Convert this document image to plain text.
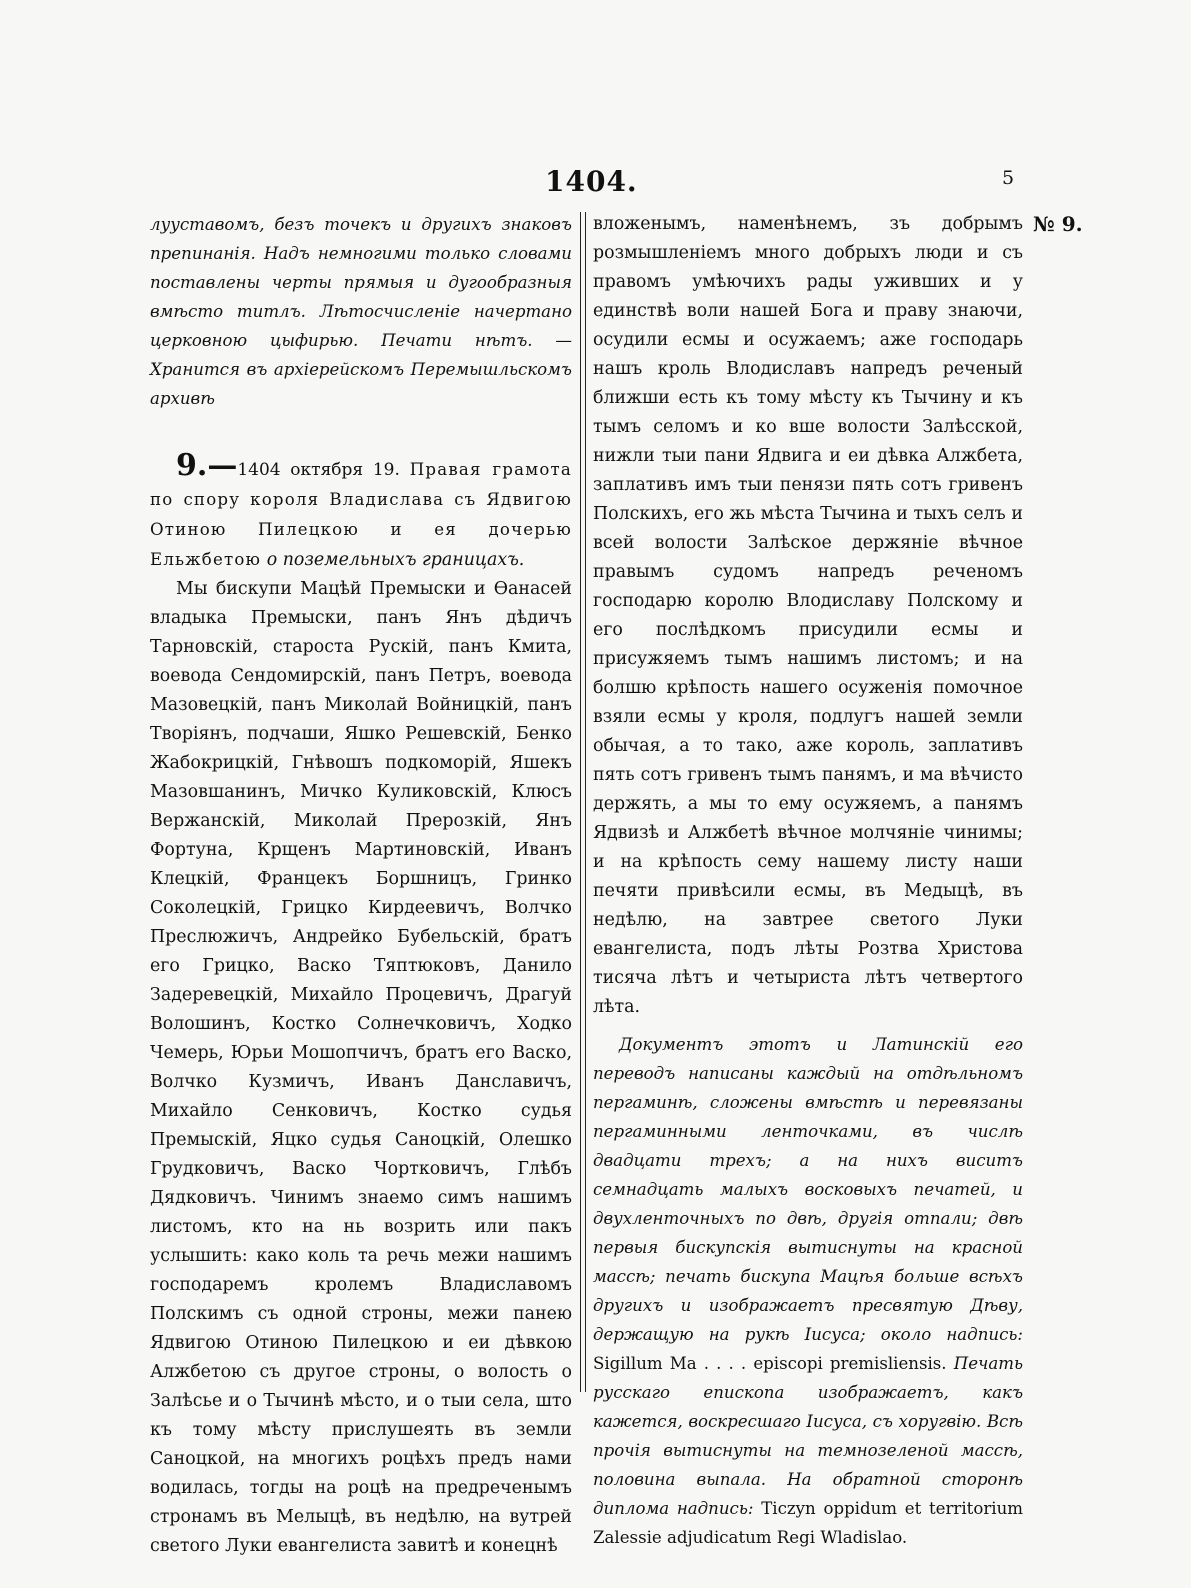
1404.	5

лууставомъ, безъ точекъ и другихъ знаковъ препинанія. Надъ немногими только словами поставлены черты прямыя и дугообразныя вмѣсто титлъ. Лѣтосчисленіе начертано церковною цыфирью. Печати нѣтъ. — Хранится въ архіерейскомъ Перемышльскомъ архивѣ

9.—1404 октября 19. Правая грамота по спору короля Владислава съ Ядвигою Отиною Пилецкою и ея дочерью Ельжбетою о поземельныхъ границахъ.

Мы бискупи Мацѣй Премыски и Ѳанасей владыка Премыски, панъ Янъ дѣдичъ Тарновскій, староста Рускій, панъ Кмита, воевода Сендомирскій, панъ Петръ, воевода Мазовецкій, панъ Миколай Войницкій, панъ Творіянъ, подчаши, Яшко Решевскій, Бенко Жабокрицкій, Гнѣвошъ подкоморій, Яшекъ Мазовшанинъ, Мичко Куликовскій, Клюсъ Вержанскій, Миколай Прерозкій, Янъ Фортуна, Крщенъ Мартиновскій, Иванъ Клецкій, Францекъ Боршницъ, Гринко Соколецкій, Грицко Кирдеевичъ, Волчко Преслюжичъ, Андрейко Бубельскій, братъ его Грицко, Васко Тяптюковъ, Данило Задеревецкій, Михайло Процевичъ, Драгуй Волошинъ, Костко Солнечковичъ, Ходко Чемерь, Юрьи Мошопчичъ, братъ его Васко, Волчко Кузмичъ, Иванъ Данславичъ, Михайло Сенковичъ, Костко судья Премыскій, Яцко судья Саноцкій, Олешко Грудковичъ, Васко Чортковичъ, Глѣбъ Дядковичъ. Чинимъ знаемо симъ нашимъ листомъ, кто на нь возрить или пакъ услышить: како коль та речь межи нашимъ господаремъ кролемъ Владиславомъ Полскимъ съ одной строны, межи панею Ядвигою Отиною Пилецкою и еи дѣвкою Алжбетою съ другое строны, о волость о Залѣсье и о Тычинѣ мѣсто, и о тыи села, што къ тому мѣсту прислушеять въ земли Саноцкой, на многихъ роцѣхъ предъ нами водилась, тогды на роцѣ на предреченымъ стронамъ въ Мелыцѣ, въ недѣлю, на вутрей светого Луки евангелиста завитѣ и конецнѣ

вложенымъ, наменѣнемъ, зъ добрымъ розмышленіемъ много добрыхъ люди и съ правомъ умѣючихъ рады уживших и у единствѣ воли нашей Бога и праву знаючи, осудили есмы и осужаемъ; аже господарь нашъ кроль Влодиславъ напредъ реченый ближши есть къ тому мѣсту къ Тычину и къ тымъ селомъ и ко вше волости Залѣсской, нижли тыи пани Ядвига и еи дѣвка Алжбета, заплативъ имъ тыи пенязи пять сотъ гривенъ Полскихъ, его жь мѣста Тычина и тыхъ селъ и всей волости Залѣское держяніе вѣчное правымъ судомъ напредъ реченомъ господарю королю Влодиславу Полскому и его послѣдкомъ присудили есмы и присужяемъ тымъ нашимъ листомъ; и на болшю крѣпость нашего осуженія помочное взяли есмы у кроля, подлугъ нашей земли обычая, а то тако, аже король, заплативъ пять сотъ гривенъ тымъ панямъ, и ма вѣчисто держять, а мы то ему осужяемъ, а панямъ Ядвизѣ и Алжбетѣ вѣчное молчяніе чинимы; и на крѣпость сему нашему листу наши печяти привѣсили есмы, въ Медыцѣ, въ недѣлю, на завтрее светого Луки евангелиста, подъ лѣты Розтва Христова тисяча лѣтъ и четыриста лѣтъ четвертого лѣта.

Документъ этотъ и Латинскій его переводъ написаны каждый на отдѣльномъ пергаминѣ, сложены вмѣстѣ и перевязаны пергаминными ленточками, въ числѣ двадцати трехъ; а на нихъ виситъ семнадцать малыхъ восковыхъ печатей, и двухленточныхъ по двѣ, другія отпали; двѣ первыя бискупскія вытиснуты на красной массѣ; печать бискупа Мацѣя больше всѣхъ другихъ и изображаетъ пресвятую Дѣву, держащую на рукѣ Іисуса; около надпись: Sigillum Ma . . . . episcopi premisliensis. Печать русскаго епископа изображаетъ, какъ кажется, воскресшаго Іисуса, съ хоругвію. Всѣ прочія вытиснуты на темнозеленой массѣ, половина выпала. На обратной сторонѣ диплома надпись: Ticzyn oppidum et territorium Zalessie adjudicatum Regi Wladislao.
№ 9.
